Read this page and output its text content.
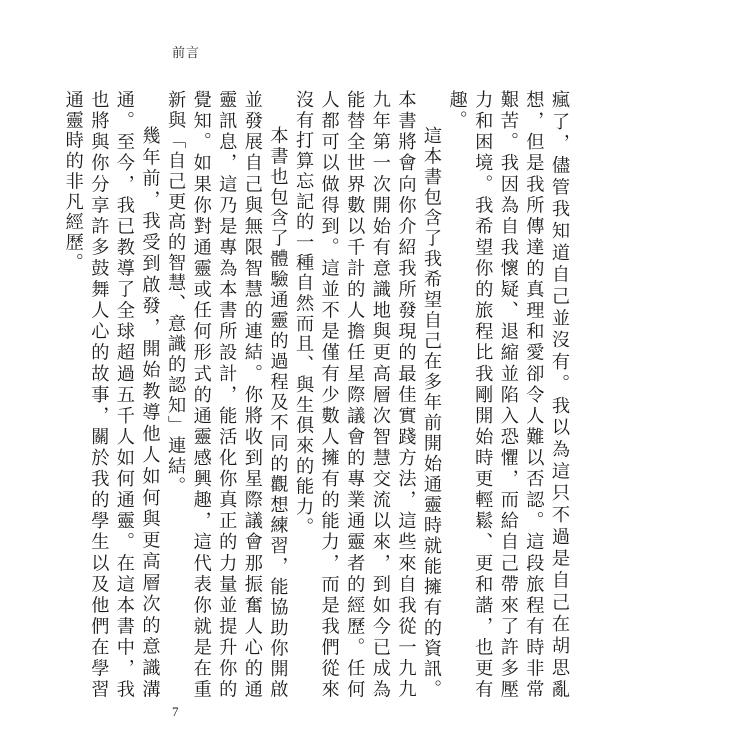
前言

瘋了，儘管我知道自己並沒有。我以為這只不過是自己在胡思亂想，但是我所傳達的真理和愛卻令人難以否認。這段旅程有時非常艱苦。我因為自我懷疑、退縮並陷入恐懼，而給自己帶來了許多壓力和困境。我希望你的旅程比我剛開始時更輕鬆、更和諧，也更有趣。

這本書包含了我希望自己在多年前開始通靈時就能擁有的資訊。本書將會向你介紹我所發現的最佳實踐方法，這些來自我從一九九九年第一次開始有意識地與更高層次智慧交流以來，到如今已成為能替全世界數以千計的人擔任星際議會的專業通靈者的經歷。任何人都可以做得到。這並不是僅有少數人擁有的能力，而是我們從來沒有打算忘記的一種自然而且、與生俱來的能力。

本書也包含了體驗通靈的過程及不同的觀想練習，能協助你開啟並發展自己與無限智慧的連結。你將收到星際議會那振奮人心的通靈訊息，這乃是專為本書所設計，能活化你真正的力量並提升你的覺知。如果你對通靈或任何形式的通靈感興趣，這代表你就是在重新與「自己更高的智慧、意識的認知」連結。

幾年前，我受到啟發，開始教導他人如何與更高層次的意識溝通。至今，我已教導了全球超過五千人如何通靈。在這本書中，我也將與你分享許多鼓舞人心的故事，關於我的學生以及他們在學習通靈時的非凡經歷。

7
